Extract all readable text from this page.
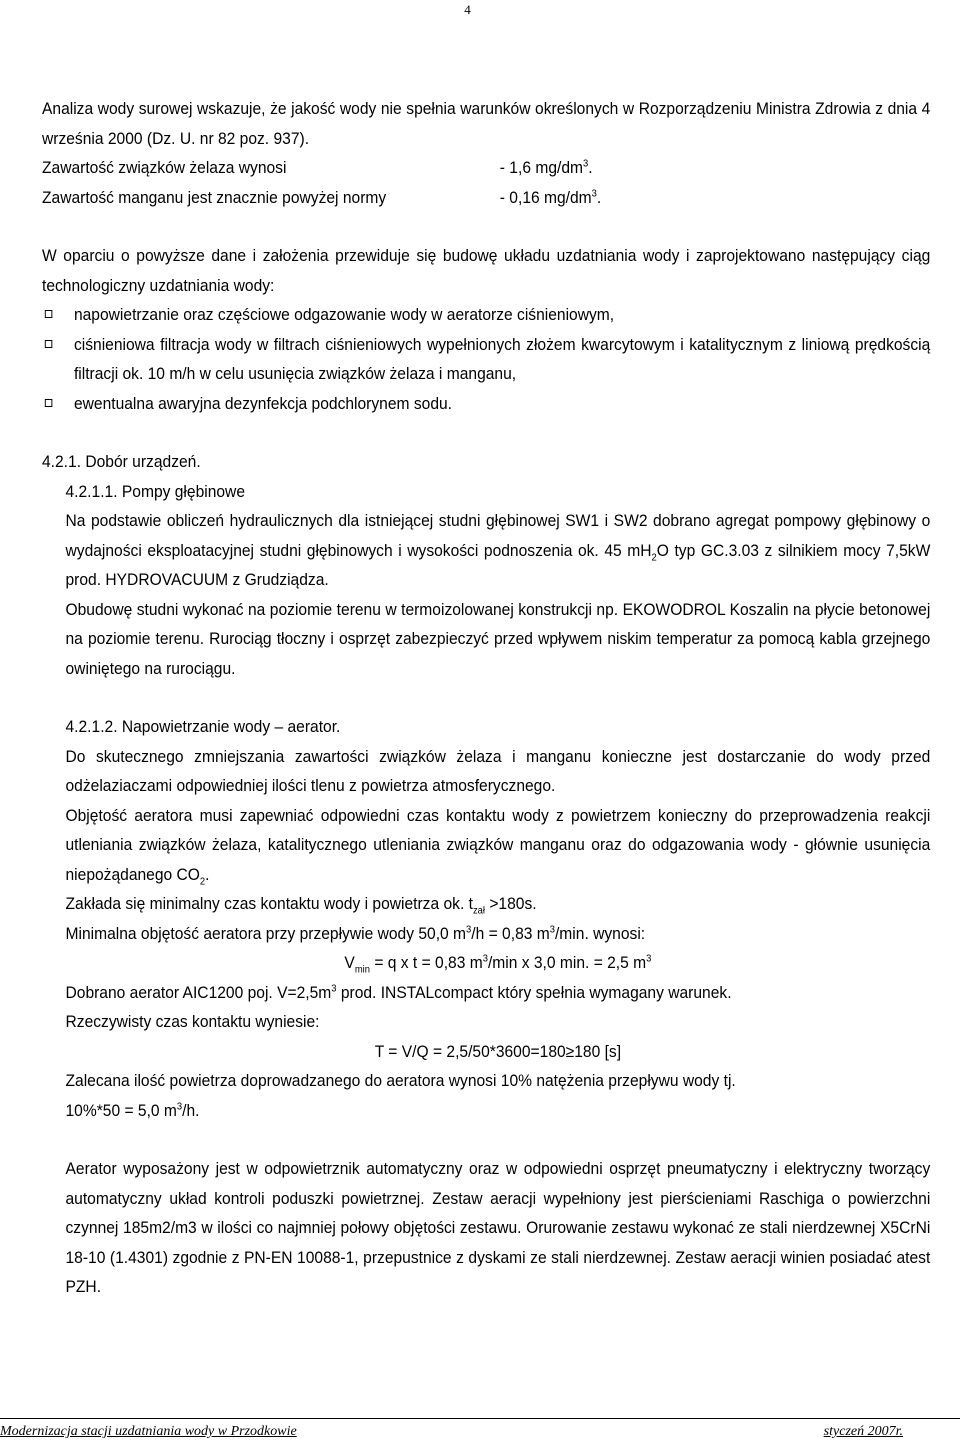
4

Analiza wody surowej wskazuje, że jakość wody nie spełnia warunków określonych w Rozporządzeniu Ministra Zdrowia z dnia 4 września 2000 (Dz. U. nr 82 poz. 937).

Zawartość związków żelaza wynosi	- 1,6 $mg/dm^3$.
Zawartość manganu jest znacznie powyżej normy	- 0,16 $mg/dm^3$.

W oparciu o powyższe dane i założenia przewiduje się budowę układu uzdatniania wody i zaprojektowano następujący ciąg technologiczny uzdatniania wody:

napowietrzanie oraz częściowe odgazowanie wody w aeratorze ciśnieniowym,
ciśnieniowa filtracja wody w filtrach ciśnieniowych wypełnionych złożem kwarcytowym i katalitycznym z liniową prędkością filtracji ok. 10 m/h w celu usunięcia związków żelaza i manganu,
ewentualna awaryjna dezynfekcja podchlorynem sodu.

4.2.1. Dobór urządzeń.

4.2.1.1. Pompy głębinowe

Na podstawie obliczeń hydraulicznych dla istniejącej studni głębinowej SW1 i SW2 dobrano agregat pompowy głębinowy o wydajności eksploatacyjnej studni głębinowych i wysokości podnoszenia ok. 45 $mH_2O$ typ GC.3.03 z silnikiem mocy 7,5kW prod. HYDROVACUUM z Grudziądza.

Obudowę studni wykonać na poziomie terenu w termoizolowanej konstrukcji np. EKOWODROL Koszalin na płycie betonowej na poziomie terenu. Rurociąg tłoczny i osprzęt zabezpieczyć przed wpływem niskim temperatur za pomocą kabla grzejnego owiniętego na rurociągu.

4.2.1.2. Napowietrzanie wody – aerator.

Do skutecznego zmniejszania zawartości związków żelaza i manganu konieczne jest dostarczanie do wody przed odżelaziaczami odpowiedniej ilości tlenu z powietrza atmosferycznego.

Objętość aeratora musi zapewniać odpowiedni czas kontaktu wody z powietrzem konieczny do przeprowadzenia reakcji utleniania związków żelaza, katalitycznego utleniania związków manganu oraz do odgazowania wody - głównie usunięcia niepożądanego $CO_2$.

Zakłada się minimalny czas kontaktu wody i powietrza ok. $t_{zał} >180s$.

Minimalna objętość aeratora przy przepływie wody 50,0 $m^3/h = 0,83$ $m^3/\min$. wynosi:

$V_{min} = q$ x t = 0,83 $m^3/\min$ x 3,0 min. = 2,5 $m^3$

Dobrano aerator AIC1200 poj. $V=2,5m^3$ prod. INSTALcompact który spełnia wymagany warunek.

Rzeczywisty czas kontaktu wyniesie:

T = V/Q = 2,5/50*3600=180≥180 [s]

Zalecana ilość powietrza doprowadzanego do aeratora wynosi 10% natężenia przepływu wody tj.

10%*50 = 5,0 $m^3/h$.

Aerator wyposażony jest w odpowietrznik automatyczny oraz w odpowiedni osprzęt pneumatyczny i elektryczny tworzący automatyczny układ kontroli poduszki powietrznej. Zestaw aeracji wypełniony jest pierścieniami Raschiga o powierzchni czynnej 185m2/m3 w ilości co najmniej połowy objętości zestawu. Orurowanie zestawu wykonać ze stali nierdzewnej X5CrNi 18-10 (1.4301) zgodnie z PN-EN 10088-1, przepustnice z dyskami ze stali nierdzewnej. Zestaw aeracji winien posiadać atest PZH.

Modernizacja stacji uzdatniania wody w Przodkowie	styczeń 2007r.
